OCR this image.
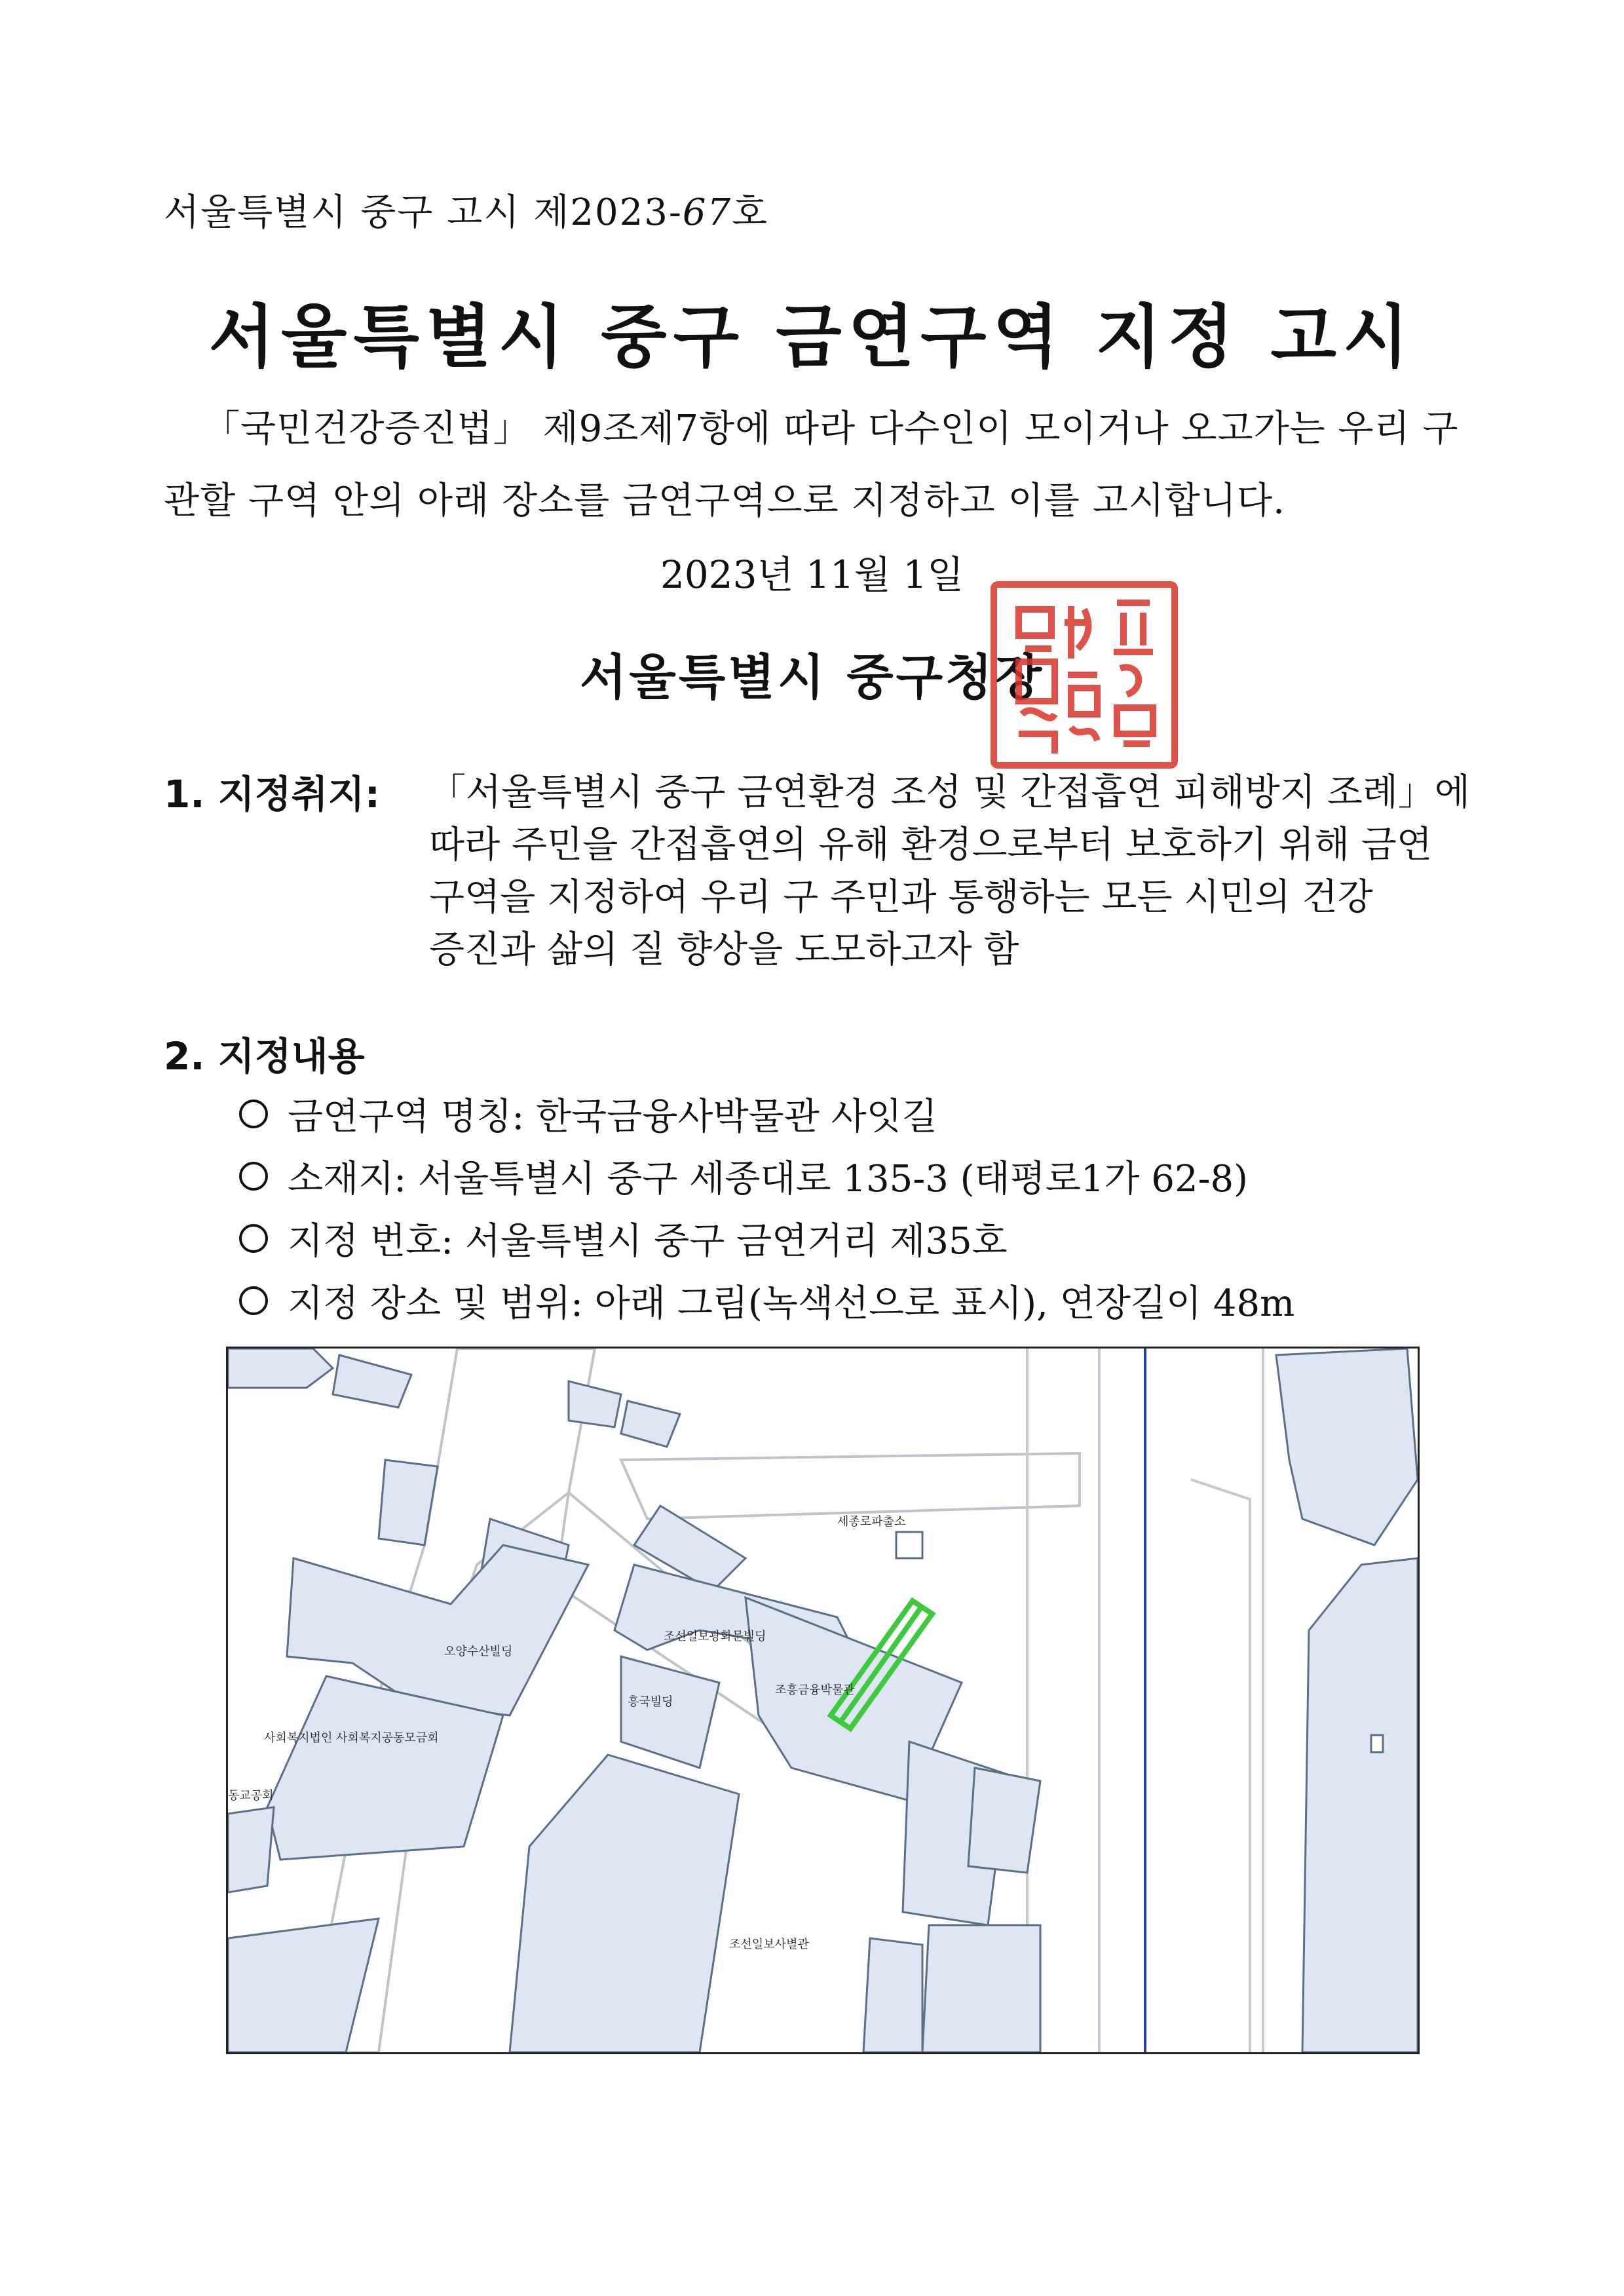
서울특별시 중구 고시 제2023-67호
서울특별시 중구 금연구역 지정 고시
「국민건강증진법」 제9조제7항에 따라 다수인이 모이거나 오고가는 우리 구
관할 구역 안의 아래 장소를 금연구역으로 지정하고 이를 고시합니다.
2023년 11월 1일
서울특별시 중구청장
1. 지정취지: 「서울특별시 중구 금연환경 조성 및 간접흡연 피해방지 조례」에
따라 주민을 간접흡연의 유해 환경으로부터 보호하기 위해 금연
구역을 지정하여 우리 구 주민과 통행하는 모든 시민의 건강
증진과 삶의 질 향상을 도모하고자 함
2. 지정내용
금연구역 명칭: 한국금융사박물관 사잇길
소재지: 서울특별시 중구 세종대로 135-3 (태평로1가 62-8)
지정 번호: 서울특별시 중구 금연거리 제35호
지정 장소 및 범위: 아래 그림(녹색선으로 표시), 연장길이 48m
세종로파출소
조선일보광화문빌딩
조흥금융박물관
흥국빌딩
오양수산빌딩
사회복지법인 사회복지공동모금회
동교공회
조선일보사별관
